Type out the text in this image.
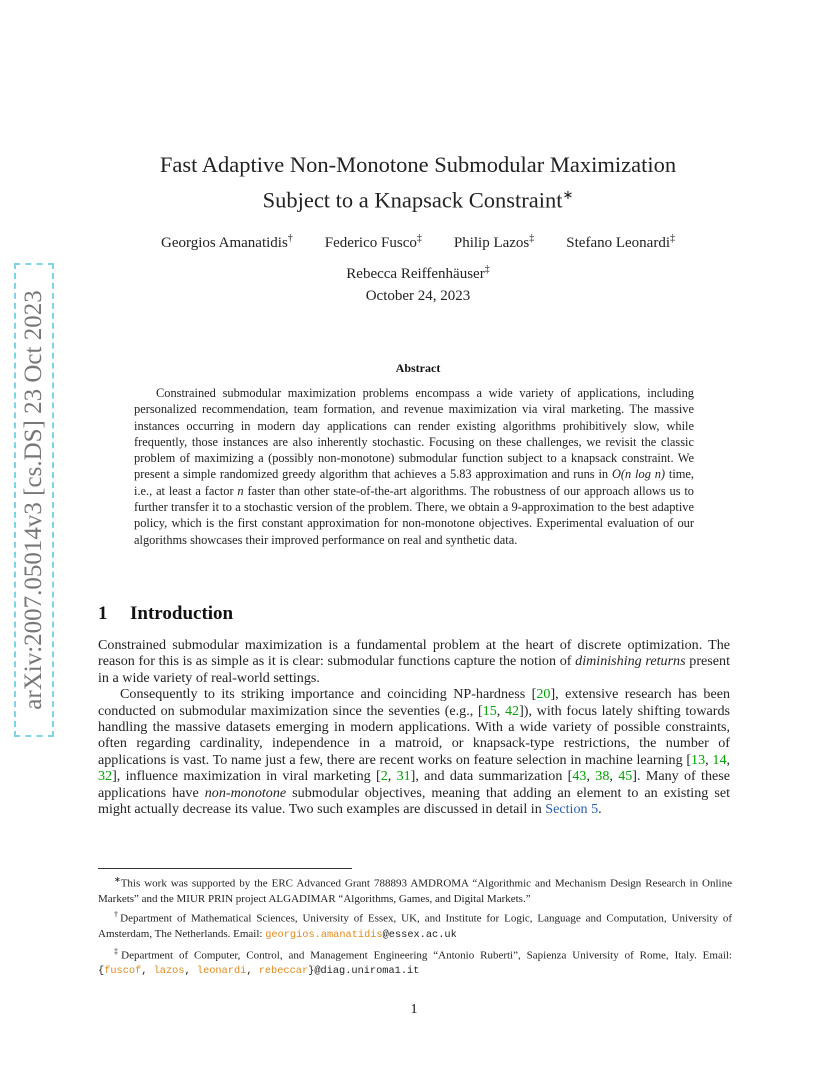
arXiv:2007.05014v3 [cs.DS] 23 Oct 2023
Fast Adaptive Non-Monotone Submodular Maximization
Subject to a Knapsack Constraint∗
Georgios Amanatidis† Federico Fusco‡ Philip Lazos‡ Stefano Leonardi‡
Rebecca Reiffenhäuser‡
October 24, 2023
Abstract
Constrained submodular maximization problems encompass a wide variety of applications, including personalized recommendation, team formation, and revenue maximization via viral marketing. The massive instances occurring in modern day applications can render existing algorithms prohibitively slow, while frequently, those instances are also inherently stochastic. Focusing on these challenges, we revisit the classic problem of maximizing a (possibly non-monotone) submodular function subject to a knapsack constraint. We present a simple randomized greedy algorithm that achieves a 5.83 approximation and runs in O(n log n) time, i.e., at least a factor n faster than other state-of-the-art algorithms. The robustness of our approach allows us to further transfer it to a stochastic version of the problem. There, we obtain a 9-approximation to the best adaptive policy, which is the first constant approximation for non-monotone objectives. Experimental evaluation of our algorithms showcases their improved performance on real and synthetic data.
1 Introduction

Constrained submodular maximization is a fundamental problem at the heart of discrete optimization. The reason for this is as simple as it is clear: submodular functions capture the notion of diminishing returns present in a wide variety of real-world settings.

Consequently to its striking importance and coinciding NP-hardness [20], extensive research has been conducted on submodular maximization since the seventies (e.g., [15, 42]), with focus lately shifting towards handling the massive datasets emerging in modern applications. With a wide variety of possible constraints, often regarding cardinality, independence in a matroid, or knapsack-type restrictions, the number of applications is vast. To name just a few, there are recent works on feature selection in machine learning [13, 14, 32], influence maximization in viral marketing [2, 31], and data summarization [43, 38, 45]. Many of these applications have non-monotone submodular objectives, meaning that adding an element to an existing set might actually decrease its value. Two such examples are discussed in detail in Section 5.

∗This work was supported by the ERC Advanced Grant 788893 AMDROMA “Algorithmic and Mechanism Design Research in Online Markets” and the MIUR PRIN project ALGADIMAR “Algorithms, Games, and Digital Markets.”

†Department of Mathematical Sciences, University of Essex, UK, and Institute for Logic, Language and Computation, University of Amsterdam, The Netherlands. Email: georgios.amanatidis@essex.ac.uk

‡Department of Computer, Control, and Management Engineering “Antonio Ruberti”, Sapienza University of Rome, Italy. Email: {fuscof, lazos, leonardi, rebeccar}@diag.uniroma1.it

1
